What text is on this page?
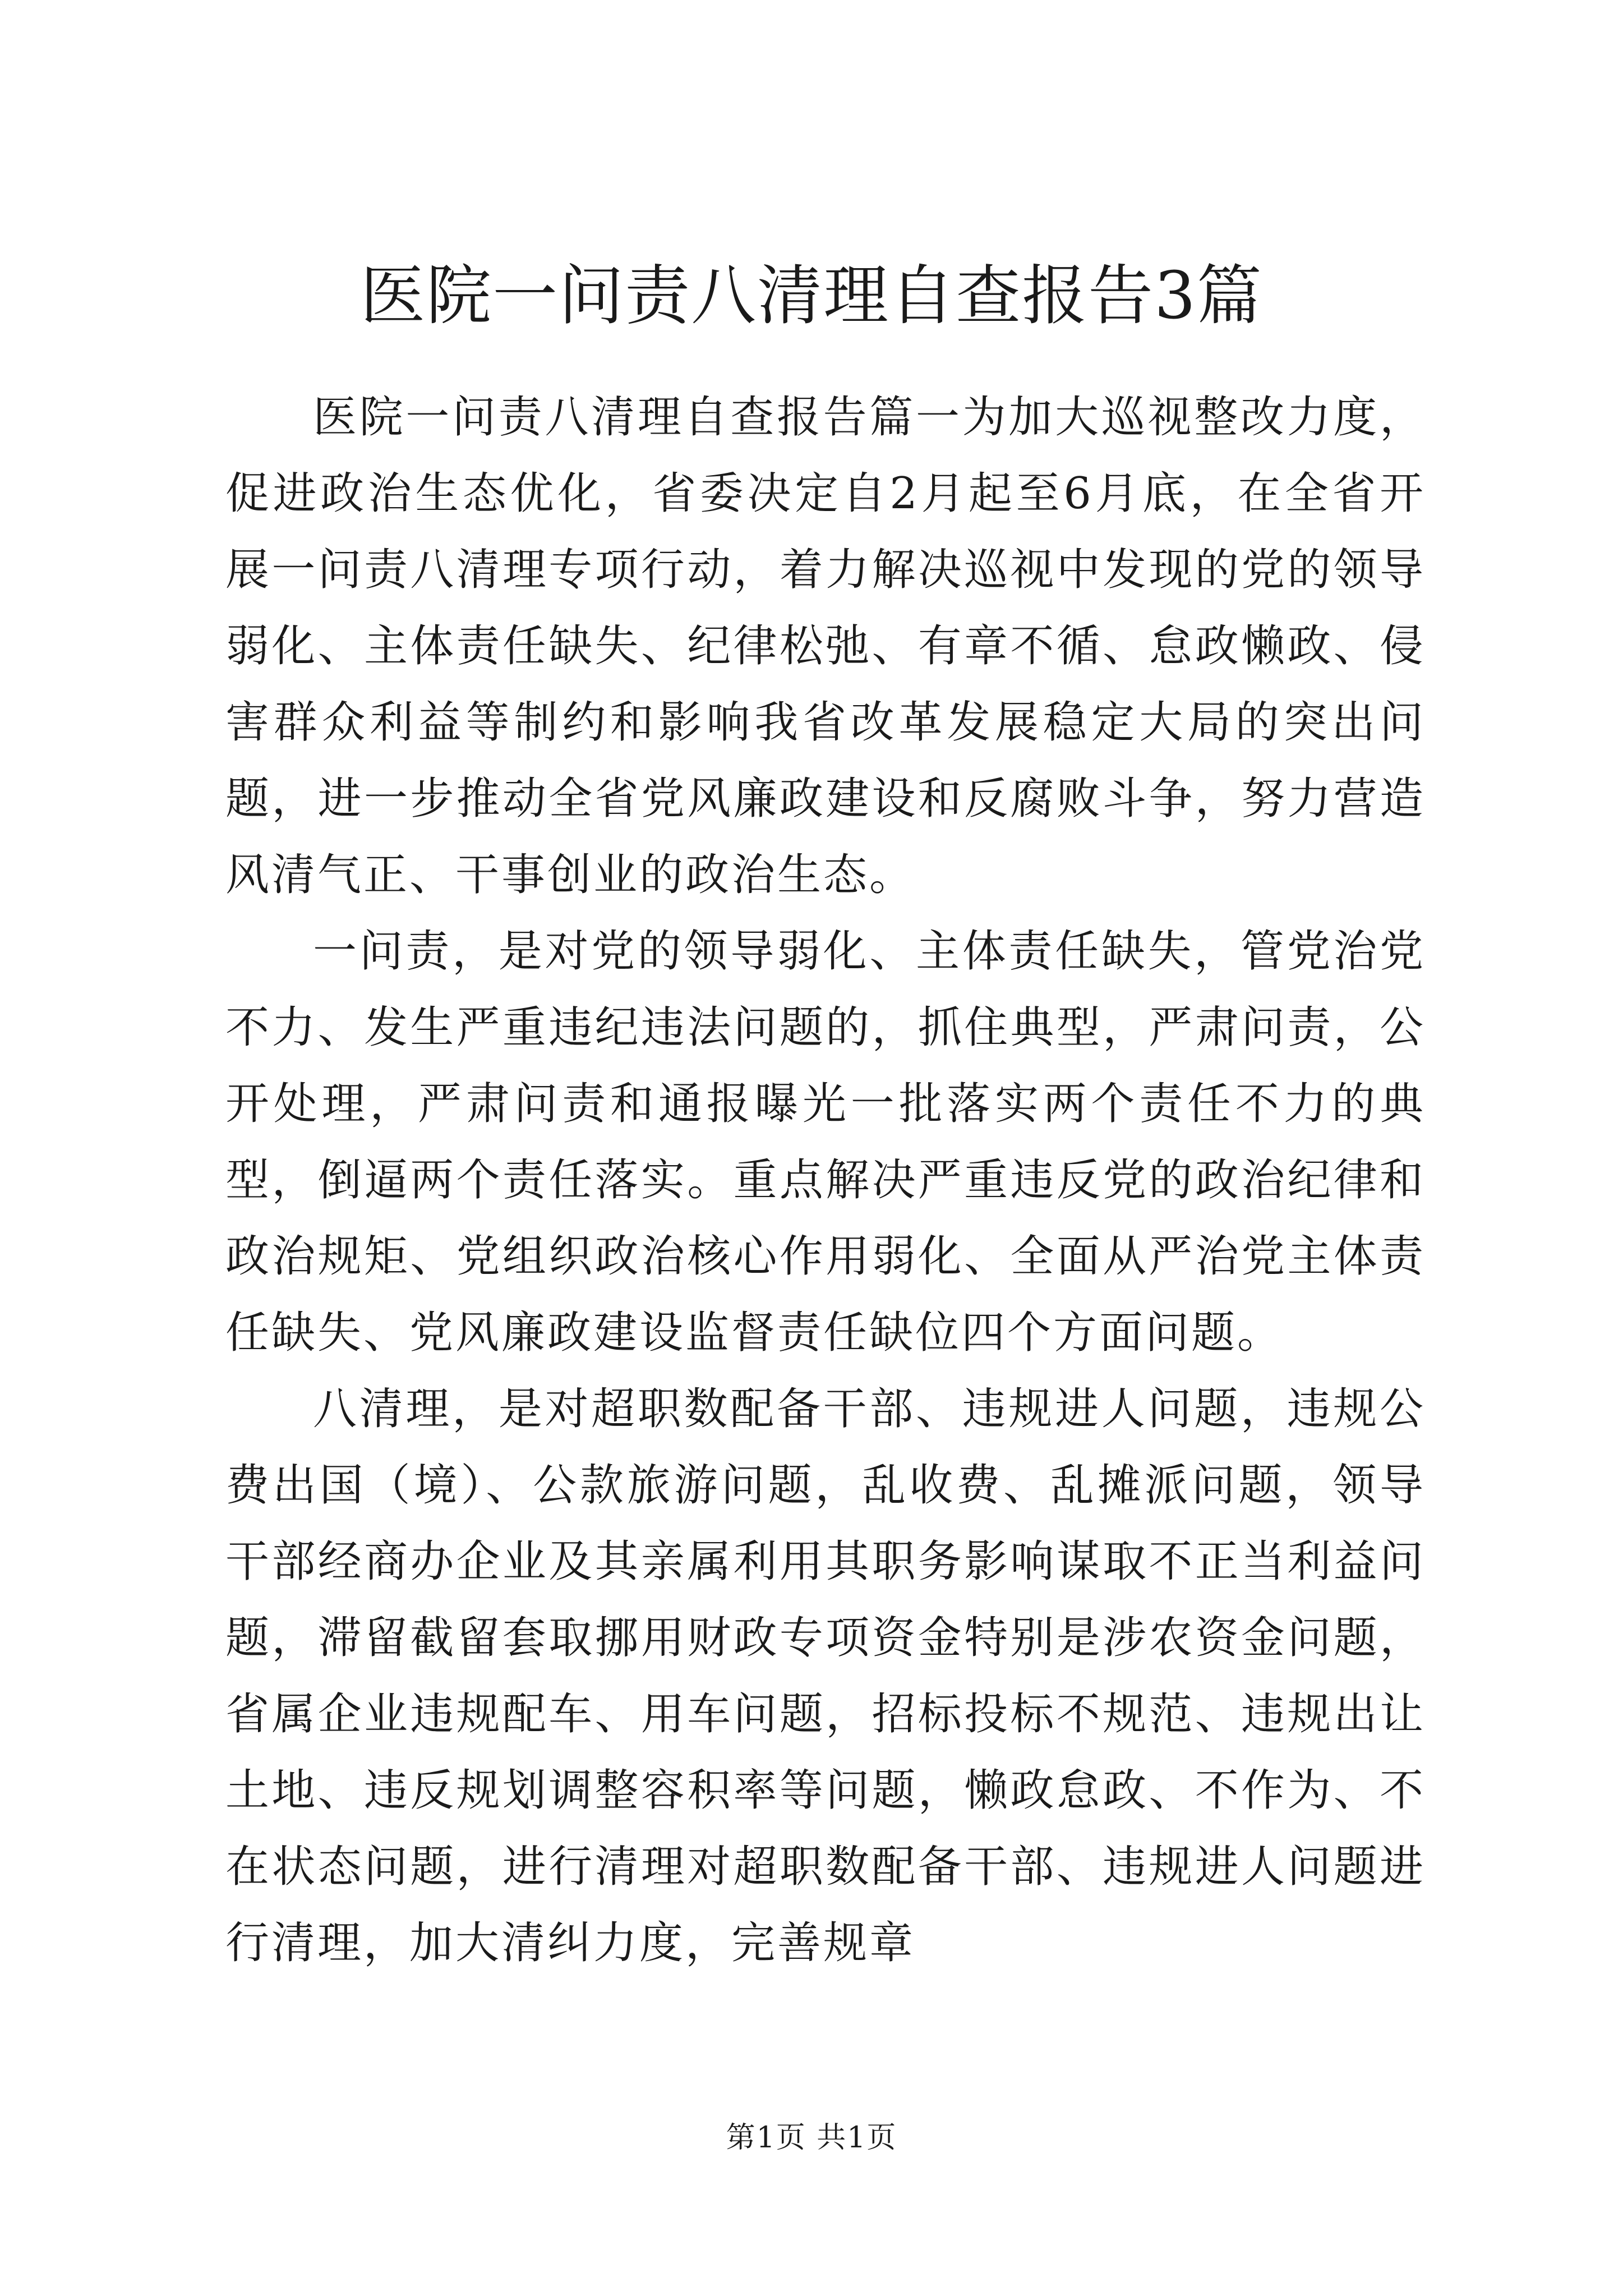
医院一问责八清理自查报告3篇

医院一问责八清理自查报告篇一为加大巡视整改力度，促进政治生态优化，省委决定自2月起至6月底，在全省开展一问责八清理专项行动，着力解决巡视中发现的党的领导弱化、主体责任缺失、纪律松弛、有章不循、怠政懒政、侵害群众利益等制约和影响我省改革发展稳定大局的突出问题，进一步推动全省党风廉政建设和反腐败斗争，努力营造风清气正、干事创业的政治生态。

一问责，是对党的领导弱化、主体责任缺失，管党治党不力、发生严重违纪违法问题的，抓住典型，严肃问责，公开处理，严肃问责和通报曝光一批落实两个责任不力的典型，倒逼两个责任落实。重点解决严重违反党的政治纪律和政治规矩、党组织政治核心作用弱化、全面从严治党主体责任缺失、党风廉政建设监督责任缺位四个方面问题。

八清理，是对超职数配备干部、违规进人问题，违规公费出国（境）、公款旅游问题，乱收费、乱摊派问题，领导干部经商办企业及其亲属利用其职务影响谋取不正当利益问题，滞留截留套取挪用财政专项资金特别是涉农资金问题，省属企业违规配车、用车问题，招标投标不规范、违规出让土地、违反规划调整容积率等问题，懒政怠政、不作为、不在状态问题，进行清理对超职数配备干部、违规进人问题进行清理，加大清纠力度，完善规章

第1页 共1页
